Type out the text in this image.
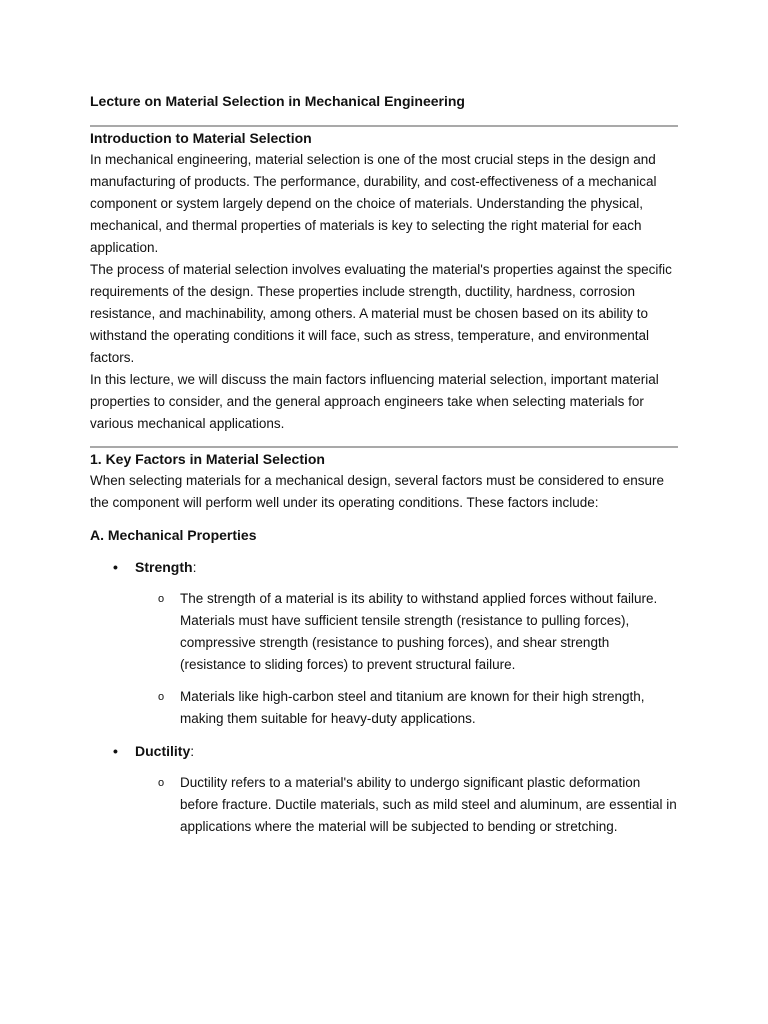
Lecture on Material Selection in Mechanical Engineering
Introduction to Material Selection

In mechanical engineering, material selection is one of the most crucial steps in the design and manufacturing of products. The performance, durability, and cost-effectiveness of a mechanical component or system largely depend on the choice of materials. Understanding the physical, mechanical, and thermal properties of materials is key to selecting the right material for each application.

The process of material selection involves evaluating the material's properties against the specific requirements of the design. These properties include strength, ductility, hardness, corrosion resistance, and machinability, among others. A material must be chosen based on its ability to withstand the operating conditions it will face, such as stress, temperature, and environmental factors.

In this lecture, we will discuss the main factors influencing material selection, important material properties to consider, and the general approach engineers take when selecting materials for various mechanical applications.

1. Key Factors in Material Selection

When selecting materials for a mechanical design, several factors must be considered to ensure the component will perform well under its operating conditions. These factors include:

A. Mechanical Properties
• Strength:
o The strength of a material is its ability to withstand applied forces without failure. Materials must have sufficient tensile strength (resistance to pulling forces), compressive strength (resistance to pushing forces), and shear strength (resistance to sliding forces) to prevent structural failure.
o Materials like high-carbon steel and titanium are known for their high strength, making them suitable for heavy-duty applications.
• Ductility:
o Ductility refers to a material's ability to undergo significant plastic deformation before fracture. Ductile materials, such as mild steel and aluminum, are essential in applications where the material will be subjected to bending or stretching.
